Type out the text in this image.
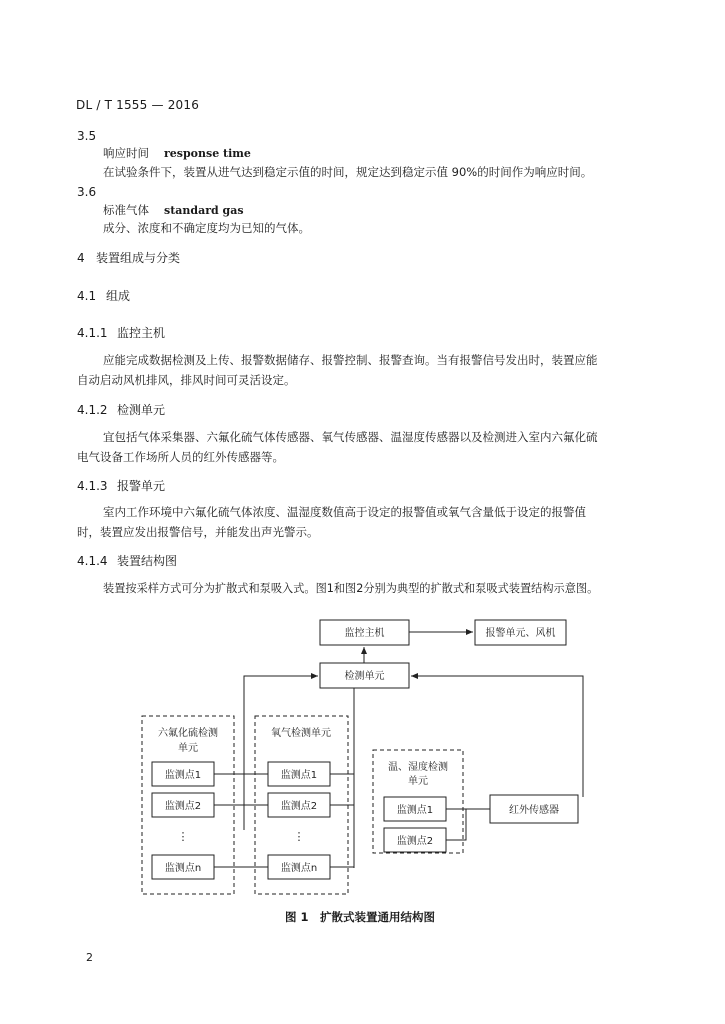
DL / T 1555 — 2016
3.5
响应时间 response time
在试验条件下，装置从进气达到稳定示值的时间，规定达到稳定示值 90%的时间作为响应时间。
3.6
标准气体 standard gas
成分、浓度和不确定度均为已知的气体。
4 装置组成与分类
4.1 组成
4.1.1 监控主机
应能完成数据检测及上传、报警数据储存、报警控制、报警查询。当有报警信号发出时，装置应能
自动启动风机排风，排风时间可灵活设定。
4.1.2 检测单元
宜包括气体采集器、六氟化硫气体传感器、氧气传感器、温湿度传感器以及检测进入室内六氟化硫
电气设备工作场所人员的红外传感器等。
4.1.3 报警单元
室内工作环境中六氟化硫气体浓度、温湿度数值高于设定的报警值或氧气含量低于设定的报警值
时，装置应发出报警信号，并能发出声光警示。
4.1.4 装置结构图
装置按采样方式可分为扩散式和泵吸入式。图1和图2分别为典型的扩散式和泵吸式装置结构示意图。
监控主机	报警单元、风机
检测单元
红外传感器
六氟化硫检测
单元
氧气检测单元
温、湿度检测
单元
监测点1
监测点2
监测点n
监测点1
监测点2
监测点n
监测点1
监测点2
⋮	⋮
图 1　扩散式装置通用结构图
2
